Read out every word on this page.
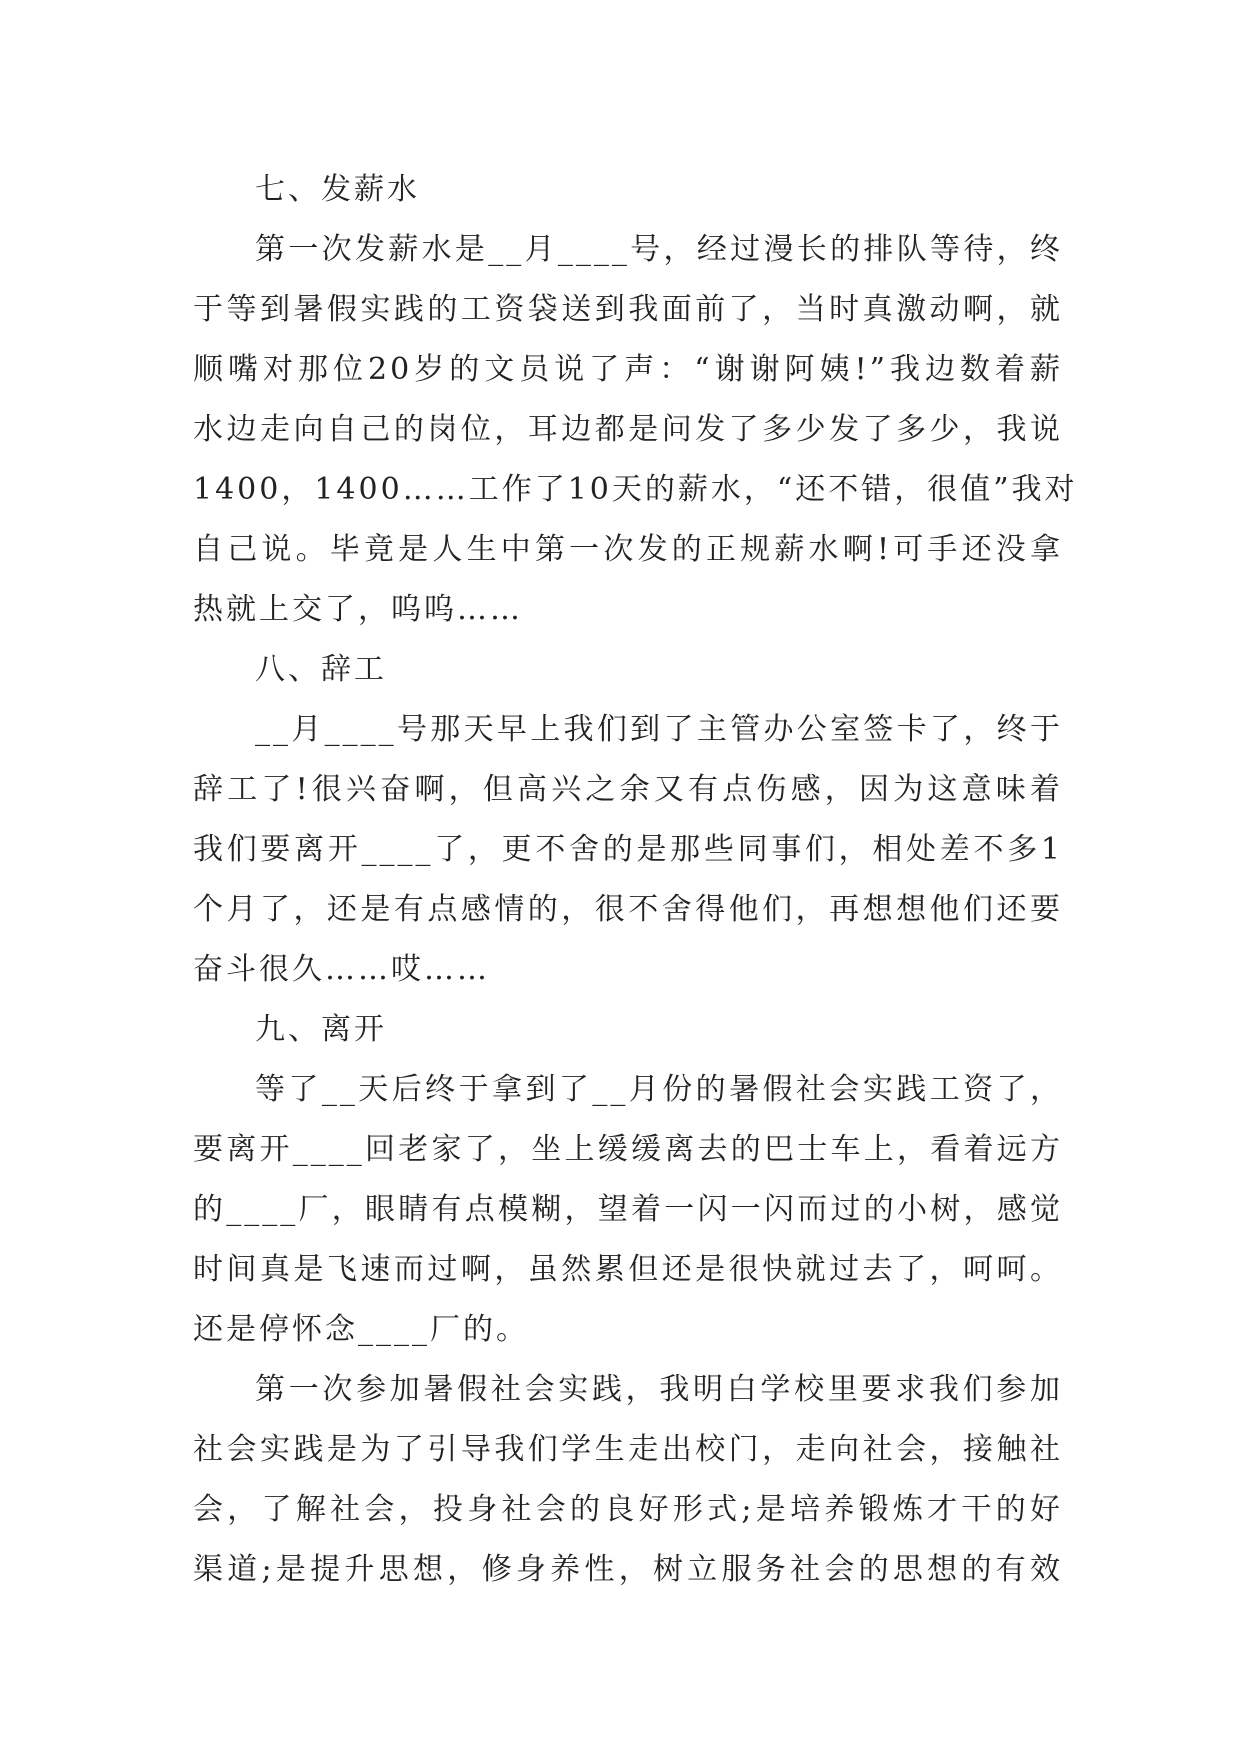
七、发薪水
第一次发薪水是__月____号，经过漫长的排队等待，终
于等到暑假实践的工资袋送到我面前了，当时真激动啊，就
顺嘴对那位20岁的文员说了声：“谢谢阿姨!”我边数着薪
水边走向自己的岗位，耳边都是问发了多少发了多少，我说
1400，1400……工作了10天的薪水，“还不错，很值”我对
自己说。毕竟是人生中第一次发的正规薪水啊!可手还没拿
热就上交了，呜呜……
八、辞工
__月____号那天早上我们到了主管办公室签卡了，终于
辞工了!很兴奋啊，但高兴之余又有点伤感，因为这意味着
我们要离开____了，更不舍的是那些同事们，相处差不多1
个月了，还是有点感情的，很不舍得他们，再想想他们还要
奋斗很久……哎……
九、离开
等了__天后终于拿到了__月份的暑假社会实践工资了，
要离开____回老家了，坐上缓缓离去的巴士车上，看着远方
的____厂，眼睛有点模糊，望着一闪一闪而过的小树，感觉
时间真是飞速而过啊，虽然累但还是很快就过去了，呵呵。
还是停怀念____厂的。
第一次参加暑假社会实践，我明白学校里要求我们参加
社会实践是为了引导我们学生走出校门，走向社会，接触社
会，了解社会，投身社会的良好形式;是培养锻炼才干的好
渠道;是提升思想，修身养性，树立服务社会的思想的有效
